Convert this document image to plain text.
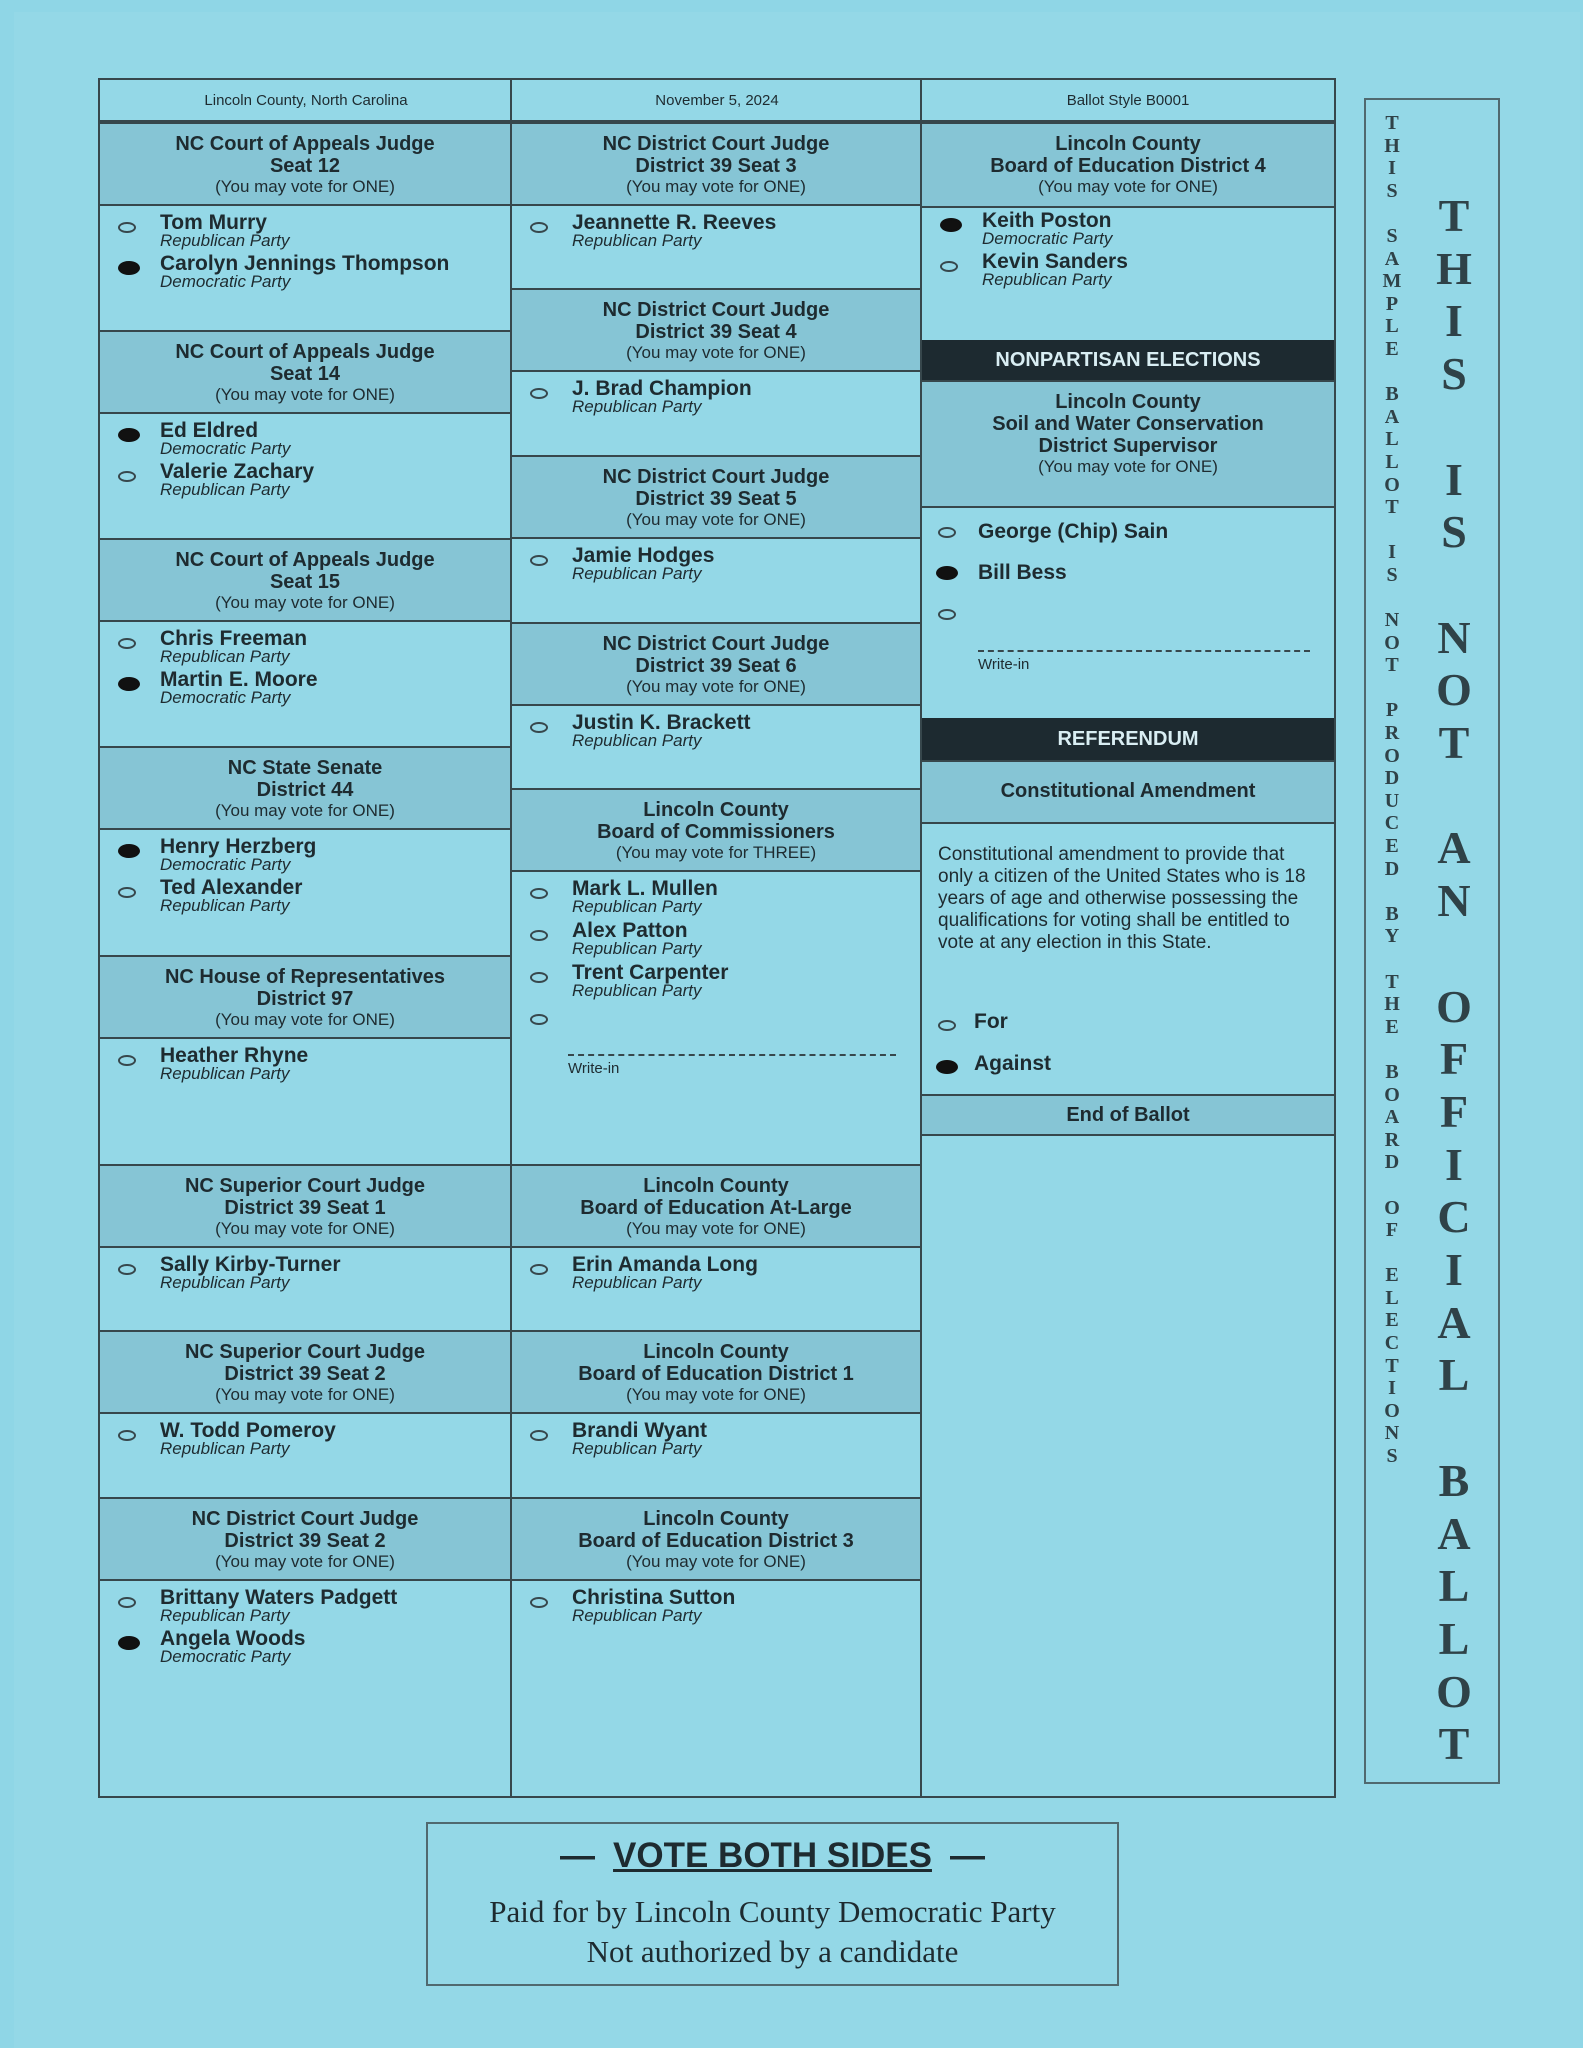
Lincoln County, North Carolina	November 5, 2024	Ballot Style B0001
NC Court of Appeals Judge
Seat 12
(You may vote for ONE)
Tom Murry
Republican Party
Carolyn Jennings Thompson
Democratic Party
NC Court of Appeals Judge
Seat 14
(You may vote for ONE)
Ed Eldred
Democratic Party
Valerie Zachary
Republican Party
NC Court of Appeals Judge
Seat 15
(You may vote for ONE)
Chris Freeman
Republican Party
Martin E. Moore
Democratic Party
NC State Senate
District 44
(You may vote for ONE)
Henry Herzberg
Democratic Party
Ted Alexander
Republican Party
NC House of Representatives
District 97
(You may vote for ONE)
Heather Rhyne
Republican Party
NC Superior Court Judge
District 39 Seat 1
(You may vote for ONE)
Sally Kirby-Turner
Republican Party
NC Superior Court Judge
District 39 Seat 2
(You may vote for ONE)
W. Todd Pomeroy
Republican Party
NC District Court Judge
District 39 Seat 2
(You may vote for ONE)
Brittany Waters Padgett
Republican Party
Angela Woods
Democratic Party
NC District Court Judge
District 39 Seat 3
(You may vote for ONE)
Jeannette R. Reeves
Republican Party
NC District Court Judge
District 39 Seat 4
(You may vote for ONE)
J. Brad Champion
Republican Party
NC District Court Judge
District 39 Seat 5
(You may vote for ONE)
Jamie Hodges
Republican Party
NC District Court Judge
District 39 Seat 6
(You may vote for ONE)
Justin K. Brackett
Republican Party
Lincoln County
Board of Commissioners
(You may vote for THREE)
Mark L. Mullen
Republican Party
Alex Patton
Republican Party
Trent Carpenter
Republican Party
Write-in
Lincoln County
Board of Education At-Large
(You may vote for ONE)
Erin Amanda Long
Republican Party
Lincoln County
Board of Education District 1
(You may vote for ONE)
Brandi Wyant
Republican Party
Lincoln County
Board of Education District 3
(You may vote for ONE)
Christina Sutton
Republican Party
Lincoln County
Board of Education District 4
(You may vote for ONE)
Keith Poston
Democratic Party
Kevin Sanders
Republican Party
NONPARTISAN ELECTIONS
Lincoln County
Soil and Water Conservation
District Supervisor
(You may vote for ONE)
George (Chip) Sain
Bill Bess
Write-in
REFERENDUM
Constitutional Amendment
Constitutional amendment to provide that only a citizen of the United States who is 18 years of age and otherwise possessing the qualifications for voting shall be entitled to vote at any election in this State.
For
Against
End of Ballot
T
H
I
S

S
A
M
P
L
E

B
A
L
L
O
T

I
S

N
O
T

P
R
O
D
U
C
E
D

B
Y

T
H
E

B
O
A
R
D

O
F

E
L
E
C
T
I
O
N
S
T
H
I
S

I
S

N
O
T

A
N

O
F
F
I
C
I
A
L

B
A
L
L
O
T
— VOTE BOTH SIDES —
Paid for by Lincoln County Democratic Party
Not authorized by a candidate
